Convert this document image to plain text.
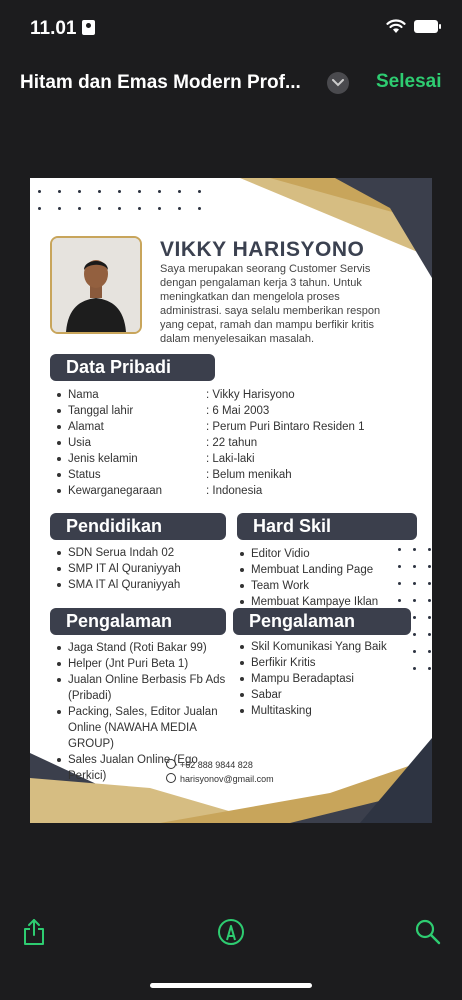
11.01
Hitam dan Emas Modern Prof...	Selesai
VIKKY HARISYONO
Saya merupakan seorang Customer Servis dengan pengalaman kerja 3 tahun. Untuk meningkatkan dan mengelola proses administrasi. saya selalu memberikan respon yang cepat, ramah dan mampu berfikir kritis dalam menyelesaikan masalah.
Data Pribadi
Nama	: Vikky Harisyono
Tanggal lahir	: 6 Mai 2003
Alamat	: Perum Puri Bintaro Residen 1
Usia	: 22 tahun
Jenis kelamin	: Laki-laki
Status	: Belum menikah
Kewarganegaraan	: Indonesia
Pendidikan
SDN Serua Indah 02
SMP IT Al Quraniyyah
SMA IT Al Quraniyyah
Hard Skil
Editor Vidio
Membuat Landing Page
Team Work
Membuat Kampaye Iklan
Pengalaman
Jaga Stand (Roti Bakar 99)
Helper (Jnt Puri Beta 1)
Jualan Online Berbasis Fb Ads (Pribadi)
Packing, Sales, Editor Jualan Online (NAWAHA MEDIA GROUP)
Sales Jualan Online (Ego Perkici)
Pengalaman
Skil Komunikasi Yang Baik
Berfikir Kritis
Mampu Beradaptasi
Sabar
Multitasking
+62 888 9844 828
harisyonov@gmail.com
